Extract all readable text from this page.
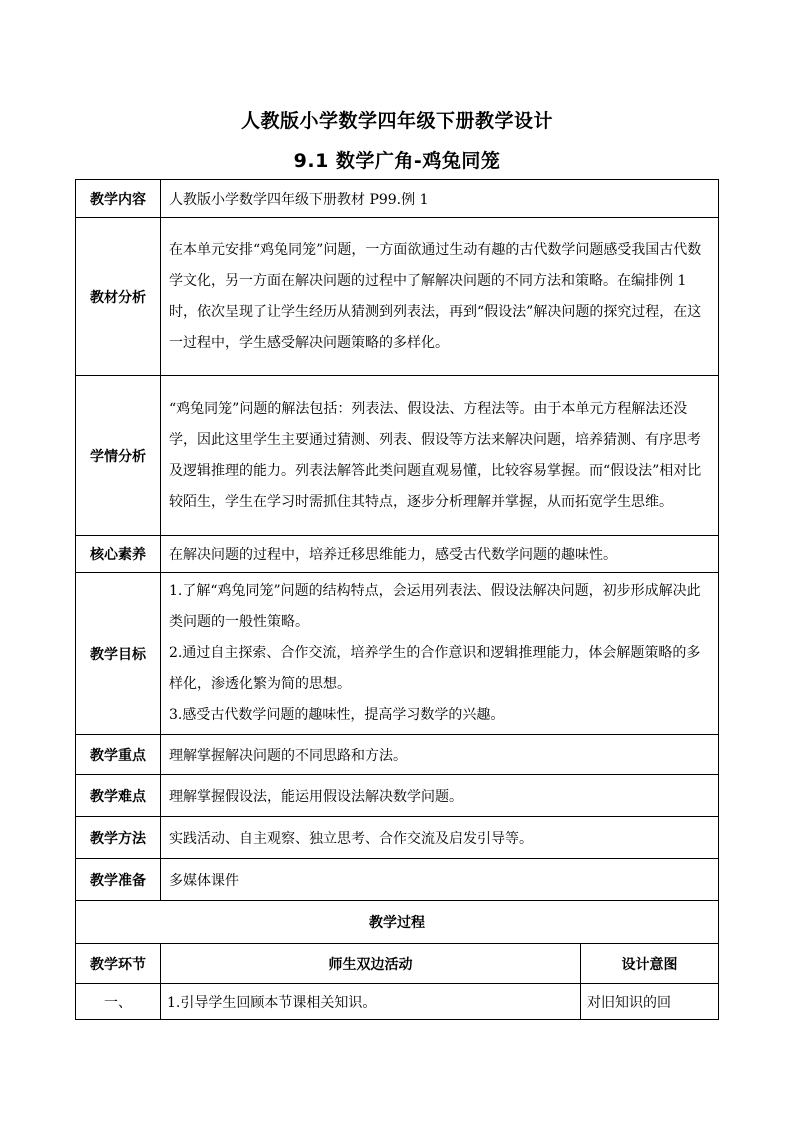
人教版小学数学四年级下册教学设计
9.1 数学广角-鸡兔同笼
教学内容	人教版小学数学四年级下册教材 P99.例 1	
教材分析	在本单元安排“鸡兔同笼”问题，一方面欲通过生动有趣的古代数学问题感受我国古代数学文化，另一方面在解决问题的过程中了解解决问题的不同方法和策略。在编排例 1 时，依次呈现了让学生经历从猜测到列表法，再到“假设法”解决问题的探究过程，在这一过程中，学生感受解决问题策略的多样化。	
学情分析	“鸡兔同笼”问题的解法包括：列表法、假设法、方程法等。由于本单元方程解法还没学，因此这里学生主要通过猜测、列表、假设等方法来解决问题，培养猜测、有序思考及逻辑推理的能力。列表法解答此类问题直观易懂，比较容易掌握。而“假设法”相对比较陌生，学生在学习时需抓住其特点，逐步分析理解并掌握，从而拓宽学生思维。	
核心素养	在解决问题的过程中，培养迁移思维能力，感受古代数学问题的趣味性。	
教学目标	1.了解“鸡兔同笼”问题的结构特点，会运用列表法、假设法解决问题，初步形成解决此类问题的一般性策略。

2.通过自主探索、合作交流，培养学生的合作意识和逻辑推理能力，体会解题策略的多样化，渗透化繁为简的思想。

3.感受古代数学问题的趣味性，提高学习数学的兴趣。	

教学重点	理解掌握解决问题的不同思路和方法。	
教学难点	理解掌握假设法，能运用假设法解决数学问题。	
教学方法	实践活动、自主观察、独立思考、合作交流及启发引导等。	
教学准备	多媒体课件	
教学过程		
教学环节	师生双边活动	设计意图
一、	1.引导学生回顾本节课相关知识。	对旧知识的回
